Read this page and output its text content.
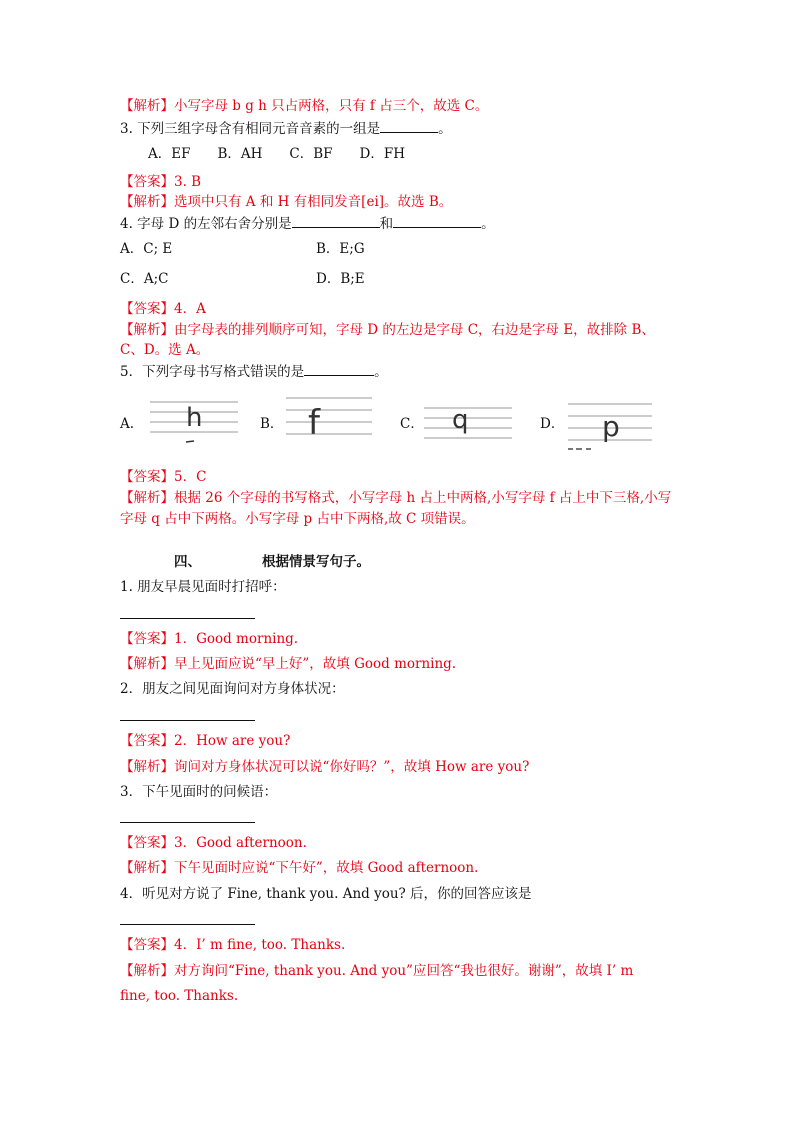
【解析】小写字母 b g h 只占两格，只有 f 占三个，故选 C。
3. 下列三组字母含有相同元音音素的一组是	。
A．EF　　B．AH　　C．BF　　D．FH
【答案】3. B
【解析】选项中只有 A 和 H 有相同发音[ei]。故选 B。
4. 字母 D 的左邻右舍分别是	和	。
A．C; E	B．E;G
C．A;C	D．B;E
【答案】4．A
【解析】由字母表的排列顺序可知，字母 D 的左边是字母 C，右边是字母 E，故排除 B、
C、D。选 A。
5．下列字母书写格式错误的是	。
A. h	B． f	C． q	D． p
【答案】5．C
【解析】根据 26 个字母的书写格式，小写字母 h 占上中两格,小写字母 f 占上中下三格,小写
字母 q 占中下两格。小写字母 p 占中下两格,故 C 项错误。
四、	根据情景写句子。
1. 朋友早晨见面时打招呼：
【答案】1．Good morning.
【解析】早上见面应说“早上好”，故填 Good morning.
2．朋友之间见面询问对方身体状况：
【答案】2．How are you?
【解析】询问对方身体状况可以说“你好吗？”，故填 How are you?
3．下午见面时的问候语：
【答案】3．Good afternoon.
【解析】下午见面时应说“下午好”，故填 Good afternoon.
4．听见对方说了 Fine, thank you. And you? 后，你的回答应该是
【答案】4．I’ m fine, too. Thanks.
【解析】对方询问“Fine, thank you. And you”应回答“我也很好。谢谢”，故填 I’ m
fine, too. Thanks.
